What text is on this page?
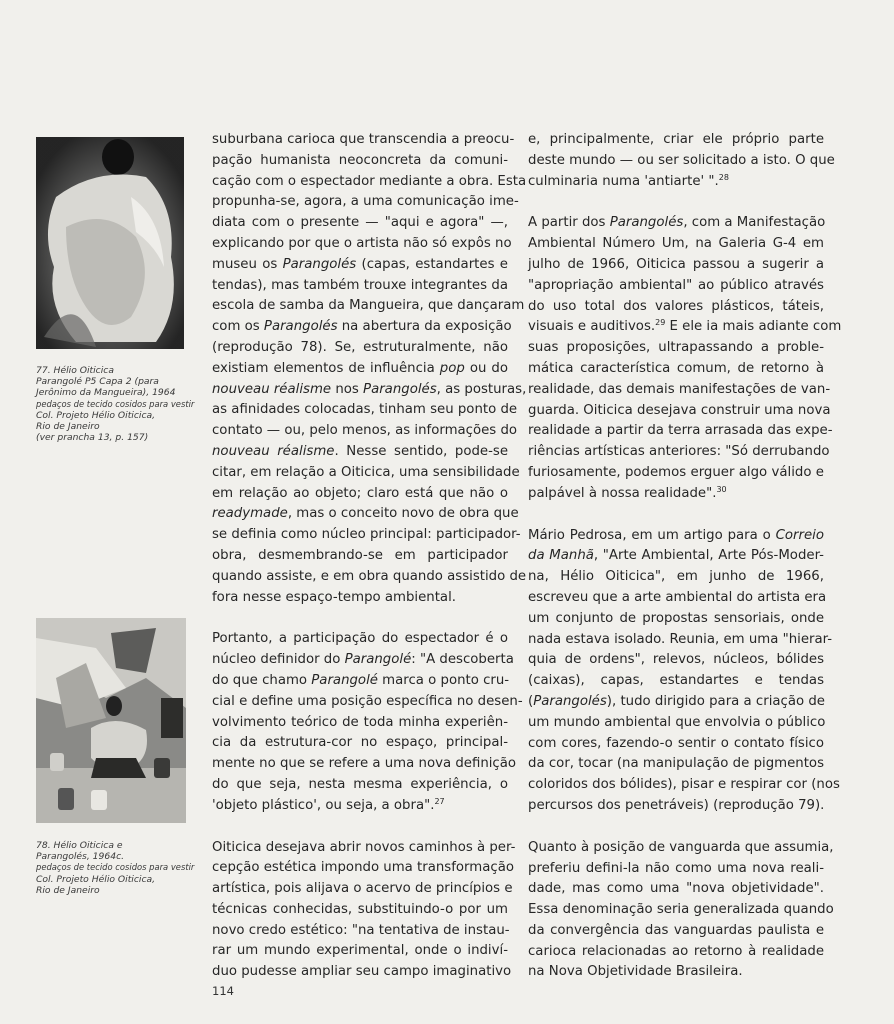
77. Hélio Oiticica
Parangolé P5 Capa 2 (para
Jerônimo da Mangueira), 1964
pedaços de tecido cosidos para vestir
Col. Projeto Hélio Oiticica,
Rio de Janeiro
(ver prancha 13, p. 157)
78. Hélio Oiticica e
Parangolés, 1964c.
pedaços de tecido cosidos para vestir
Col. Projeto Hélio Oiticica,
Rio de Janeiro
suburbana carioca que transcendia a preocu-
pação humanista neoconcreta da comuni-
cação com o espectador mediante a obra. Esta
propunha-se, agora, a uma comunicação ime-
diata com o presente — "aqui e agora" —,
explicando por que o artista não só expôs no
museu os Parangolés (capas, estandartes e
tendas), mas também trouxe integrantes da
escola de samba da Mangueira, que dançaram
com os Parangolés na abertura da exposição
(reprodução 78). Se, estruturalmente, não
existiam elementos de influência pop ou do
nouveau réalisme nos Parangolés, as posturas,
as afinidades colocadas, tinham seu ponto de
contato — ou, pelo menos, as informações do
nouveau réalisme. Nesse sentido, pode-se
citar, em relação a Oiticica, uma sensibilidade
em relação ao objeto; claro está que não o
readymade, mas o conceito novo de obra que
se definia como núcleo principal: participador-
obra, desmembrando-se em participador
quando assiste, e em obra quando assistido de
fora nesse espaço-tempo ambiental.
Portanto, a participação do espectador é o
núcleo definidor do Parangolé: "A descoberta
do que chamo Parangolé marca o ponto cru-
cial e define uma posição específica no desen-
volvimento teórico de toda minha experiên-
cia da estrutura-cor no espaço, principal-
mente no que se refere a uma nova definição
do que seja, nesta mesma experiência, o
'objeto plástico', ou seja, a obra".$^{27}$
Oiticica desejava abrir novos caminhos à per-
cepção estética impondo uma transformação
artística, pois alijava o acervo de princípios e
técnicas conhecidas, substituindo-o por um
novo credo estético: "na tentativa de instau-
rar um mundo experimental, onde o indiví-
duo pudesse ampliar seu campo imaginativo
e, principalmente, criar ele próprio parte
deste mundo — ou ser solicitado a isto. O que
culminaria numa 'antiarte' ".$^{28}$
A partir dos Parangolés, com a Manifestação
Ambiental Número Um, na Galeria G-4 em
julho de 1966, Oiticica passou a sugerir a
"apropriação ambiental" ao público através
do uso total dos valores plásticos, táteis,
visuais e auditivos.$^{29}$ E ele ia mais adiante com
suas proposições, ultrapassando a proble-
mática característica comum, de retorno à
realidade, das demais manifestações de van-
guarda. Oiticica desejava construir uma nova
realidade a partir da terra arrasada das expe-
riências artísticas anteriores: "Só derrubando
furiosamente, podemos erguer algo válido e
palpável à nossa realidade".$^{30}$
Mário Pedrosa, em um artigo para o Correio
da Manhã, "Arte Ambiental, Arte Pós-Moder-
na, Hélio Oiticica", em junho de 1966,
escreveu que a arte ambiental do artista era
um conjunto de propostas sensoriais, onde
nada estava isolado. Reunia, em uma "hierar-
quia de ordens", relevos, núcleos, bólides
(caixas), capas, estandartes e tendas
(Parangolés), tudo dirigido para a criação de
um mundo ambiental que envolvia o público
com cores, fazendo-o sentir o contato físico
da cor, tocar (na manipulação de pigmentos
coloridos dos bólides), pisar e respirar cor (nos
percursos dos penetráveis) (reprodução 79).
Quanto à posição de vanguarda que assumia,
preferiu defini-la não como uma nova reali-
dade, mas como uma "nova objetividade".
Essa denominação seria generalizada quando
da convergência das vanguardas paulista e
carioca relacionadas ao retorno à realidade
na Nova Objetividade Brasileira.
114
